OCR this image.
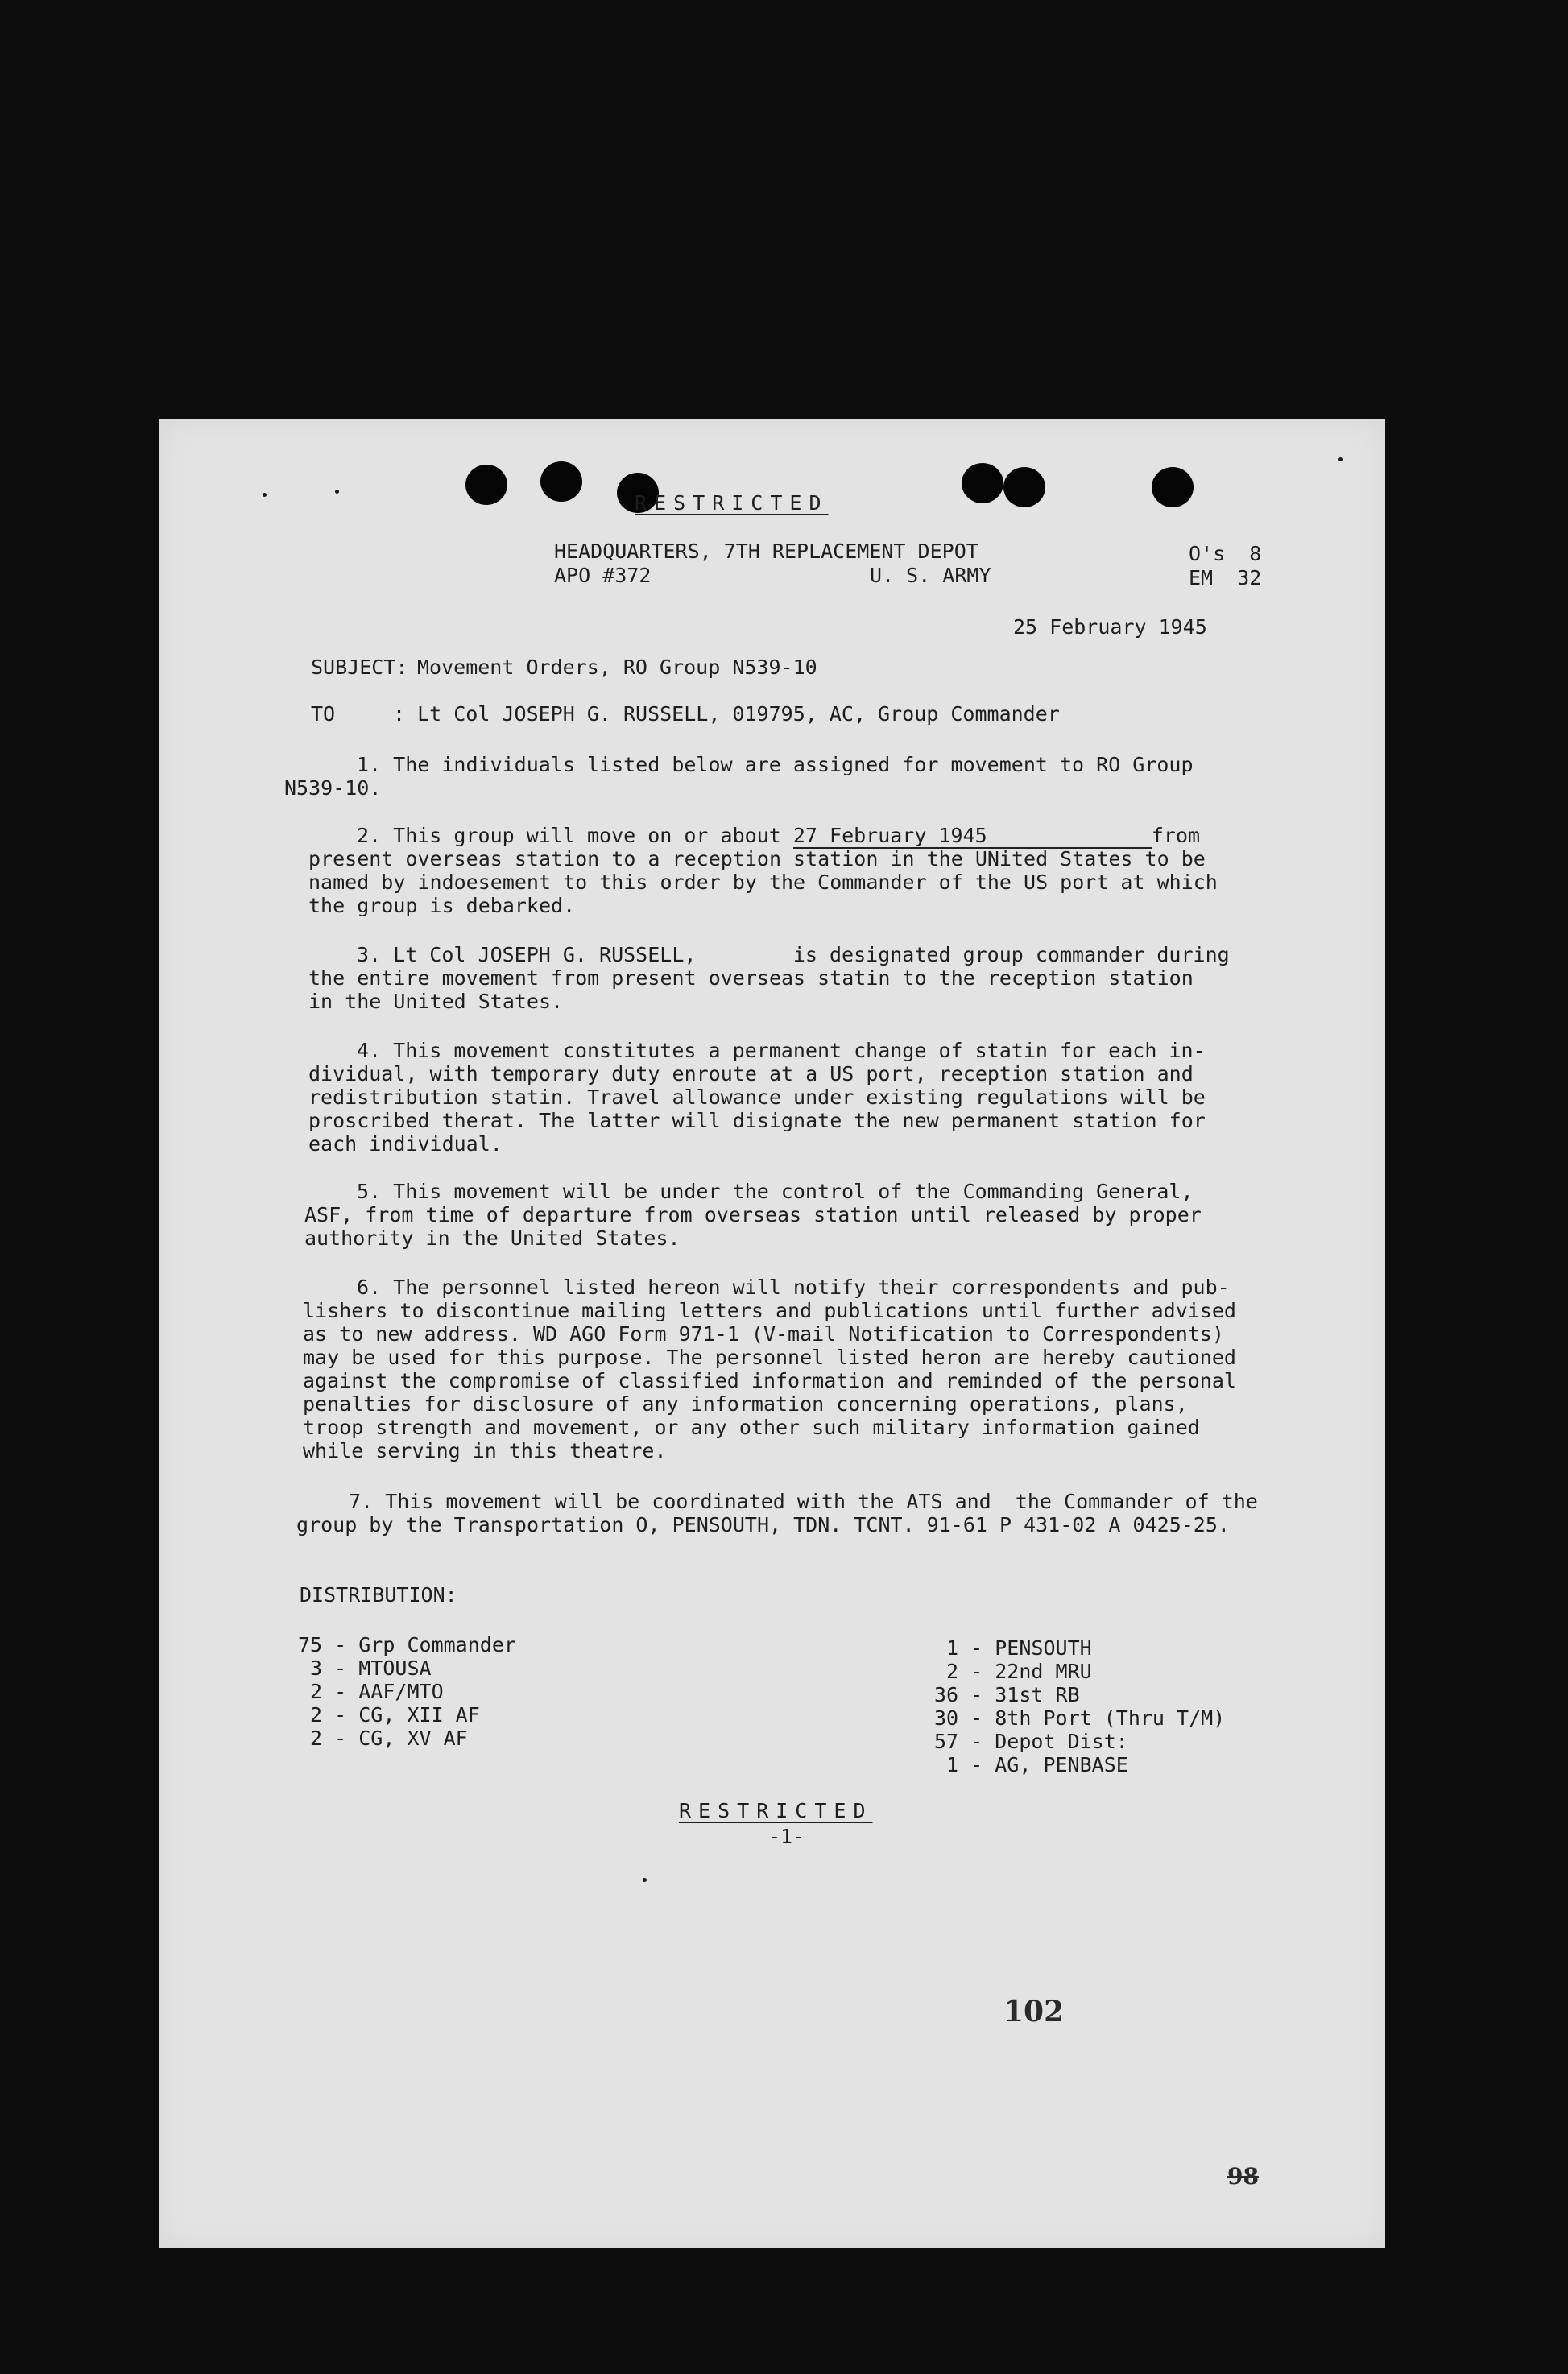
RESTRICTED
HEADQUARTERS, 7TH REPLACEMENT DEPOT
APO #372	U. S. ARMY
O's  8
EM  32
25 February 1945
SUBJECT: Movement Orders, RO Group N539-10
TO	: Lt Col JOSEPH G. RUSSELL, 019795, AC, Group Commander
1. The individuals listed below are assigned for movement to RO Group
N539-10.
2. This group will move on or about 27 February 1945	from
present overseas station to a reception station in the UNited States to be
named by indoesement to this order by the Commander of the US port at which
the group is debarked.
3. Lt Col JOSEPH G. RUSSELL,        is designated group commander during
the entire movement from present overseas statin to the reception station
in the United States.
4. This movement constitutes a permanent change of statin for each in-
dividual, with temporary duty enroute at a US port, reception station and
redistribution statin. Travel allowance under existing regulations will be
proscribed therat. The latter will disignate the new permanent station for
each individual.
5. This movement will be under the control of the Commanding General,
ASF, from time of departure from overseas station until released by proper
authority in the United States.
6. The personnel listed hereon will notify their correspondents and pub-
lishers to discontinue mailing letters and publications until further advised
as to new address. WD AGO Form 971-1 (V-mail Notification to Correspondents)
may be used for this purpose. The personnel listed heron are hereby cautioned
against the compromise of classified information and reminded of the personal
penalties for disclosure of any information concerning operations, plans,
troop strength and movement, or any other such military information gained
while serving in this theatre.
7. This movement will be coordinated with the ATS and  the Commander of the
group by the Transportation O, PENSOUTH, TDN. TCNT. 91-61 P 431-02 A 0425-25.
DISTRIBUTION:
75 - Grp Commander
3 - MTOUSA
2 - AAF/MTO
2 - CG, XII AF
2 - CG, XV AF
1 - PENSOUTH
2 - 22nd MRU
36 - 31st RB
30 - 8th Port (Thru T/M)
57 - Depot Dist:
1 - AG, PENBASE
RESTRICTED
-1-
102
98
